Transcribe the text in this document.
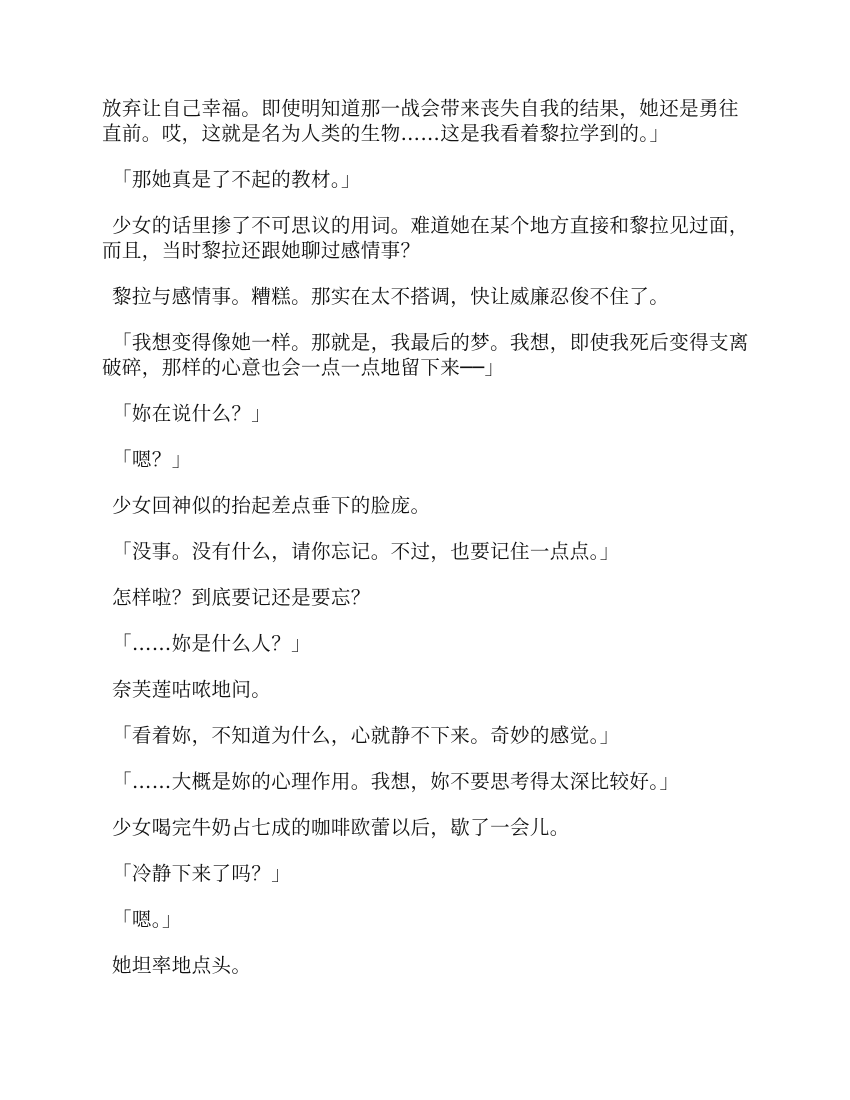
放弃让自己幸福。即使明知道那一战会带来丧失自我的结果，她还是勇往直前。哎，这就是名为人类的生物……这是我看着黎拉学到的。」

「那她真是了不起的教材。」

少女的话里掺了不可思议的用词。难道她在某个地方直接和黎拉见过面，而且，当时黎拉还跟她聊过感情事？

黎拉与感情事。糟糕。那实在太不搭调，快让威廉忍俊不住了。

「我想变得像她一样。那就是，我最后的梦。我想，即使我死后变得支离破碎，那样的心意也会一点一点地留下来──」

「妳在说什么？」

「嗯？」

少女回神似的抬起差点垂下的脸庞。

「没事。没有什么，请你忘记。不过，也要记住一点点。」

怎样啦？到底要记还是要忘？

「……妳是什么人？」

奈芙莲咕哝地问。

「看着妳，不知道为什么，心就静不下来。奇妙的感觉。」

「……大概是妳的心理作用。我想，妳不要思考得太深比较好。」

少女喝完牛奶占七成的咖啡欧蕾以后，歇了一会儿。

「冷静下来了吗？」

「嗯。」

她坦率地点头。
